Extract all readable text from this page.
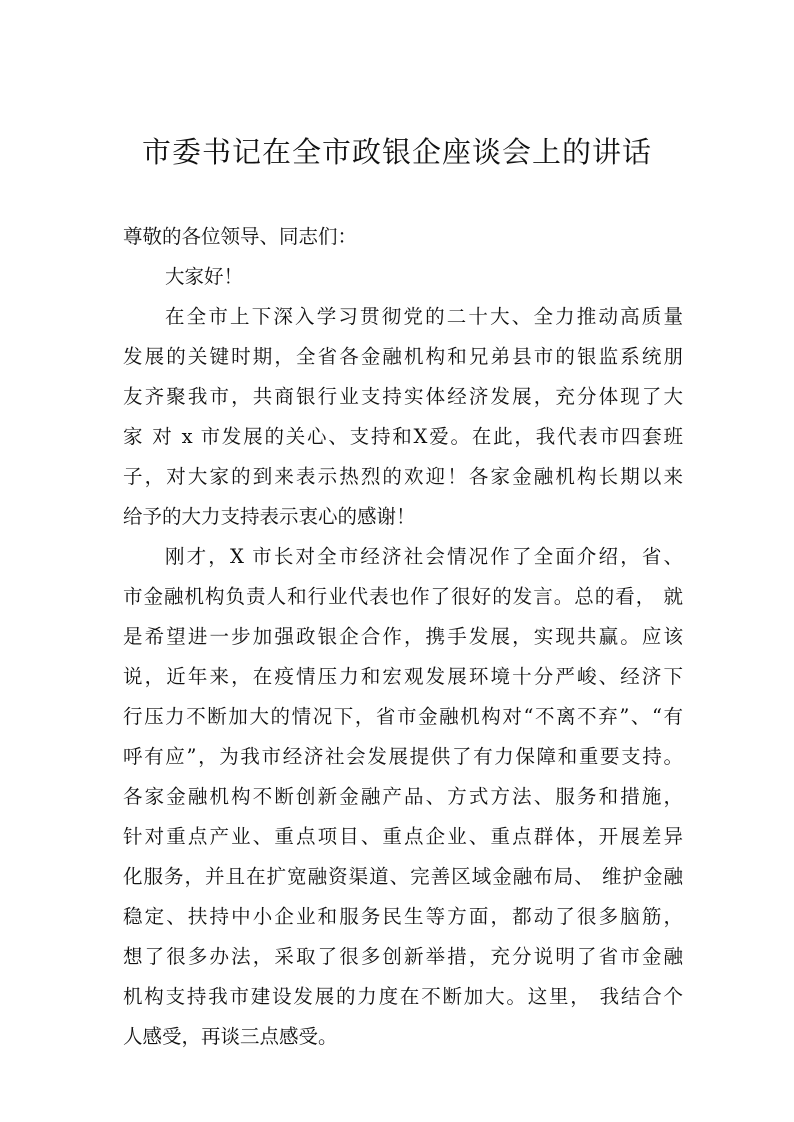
市委书记在全市政银企座谈会上的讲话

尊敬的各位领导、同志们：

大家好！

在全市上下深入学习贯彻党的二十大、全力推动高质量

发展的关键时期，全省各金融机构和兄弟县市的银监系统朋

友齐聚我市，共商银行业支持实体经济发展，充分体现了大

家 对 x 市发展的关心、支持和X爱。在此，我代表市四套班

子，对大家的到来表示热烈的欢迎！各家金融机构长期以来

给予的大力支持表示衷心的感谢！

刚才，X 市长对全市经济社会情况作了全面介绍，省、

市金融机构负责人和行业代表也作了很好的发言。总的看， 就

是希望进一步加强政银企合作，携手发展，实现共赢。应该

说，近年来，在疫情压力和宏观发展环境十分严峻、经济下

行压力不断加大的情况下，省市金融机构对“不离不弃”、“有

呼有应”，为我市经济社会发展提供了有力保障和重要支持。

各家金融机构不断创新金融产品、方式方法、服务和措施，

针对重点产业、重点项目、重点企业、重点群体，开展差异

化服务，并且在扩宽融资渠道、完善区域金融布局、 维护金融

稳定、扶持中小企业和服务民生等方面，都动了很多脑筋，

想了很多办法，采取了很多创新举措，充分说明了省市金融

机构支持我市建设发展的力度在不断加大。这里， 我结合个

人感受，再谈三点感受。
